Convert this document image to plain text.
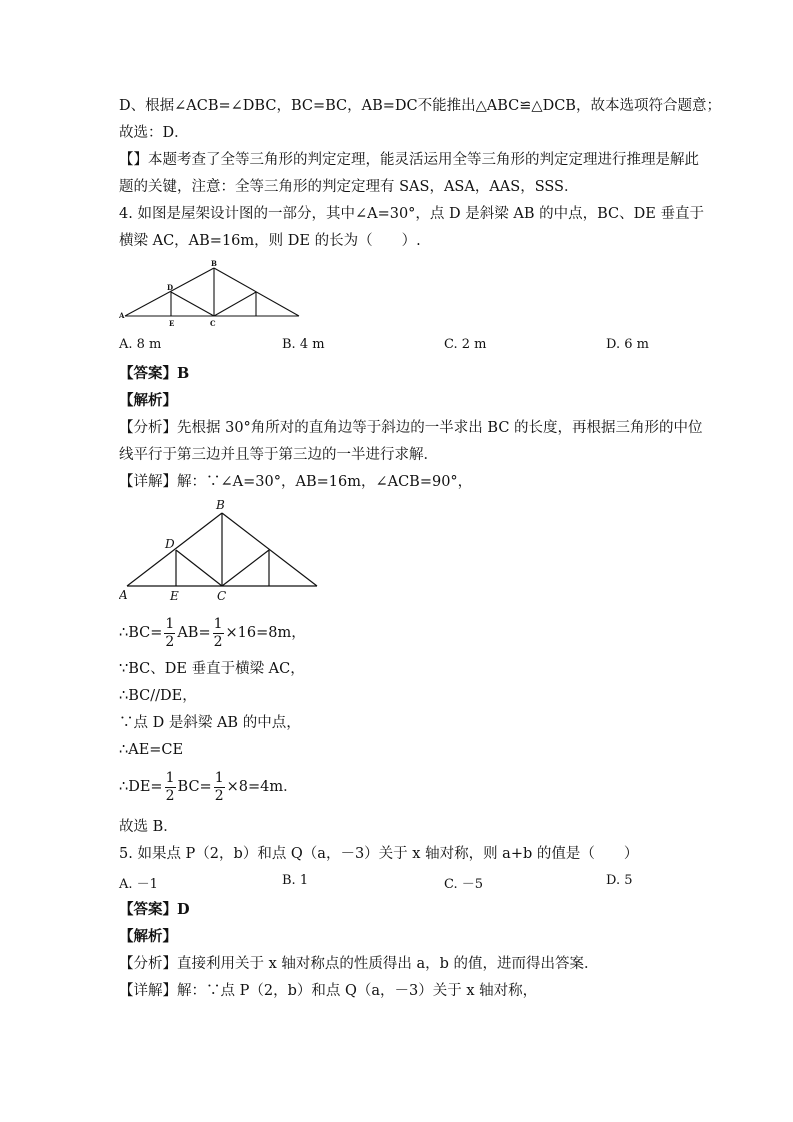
D、根据∠ACB=∠DBC，BC=BC，AB=DC不能推出△ABC≌△DCB，故本选项符合题意；
故选：D．
【】本题考查了全等三角形的判定定理，能灵活运用全等三角形的判定定理进行推理是解此
题的关键，注意：全等三角形的判定定理有 SAS，ASA，AAS，SSS．
4. 如图是屋架设计图的一部分，其中∠A=30°，点 D 是斜梁 AB 的中点，BC、DE 垂直于
横梁 AC，AB=16m，则 DE 的长为（　　）.
A
B
C
D
E
A. 8 m	B. 4 m	C. 2 m	D. 6 m
【答案】B
【解析】
【分析】先根据 30°角所对的直角边等于斜边的一半求出 BC 的长度，再根据三角形的中位
线平行于第三边并且等于第三边的一半进行求解．
【详解】解：∵∠A=30°，AB=16m，∠ACB=90°，
A
B
C
D
E
∴BC= $\frac{1}{2} AB= \frac{1}{2} \times 16=8m$，
∵BC、DE 垂直于横梁 AC，
∴BC//DE，
∵点 D 是斜梁 AB 的中点，
∴AE=CE
∴DE= $\frac{1}{2} BC= \frac{1}{2} \times 8=4m$．
故选 B．
5. 如果点 P（2，b）和点 Q（a，－3）关于 x 轴对称，则 a+b 的值是（　　）
A. －1	B. 1	C. －5	D. 5
【答案】D
【解析】
【分析】直接利用关于 x 轴对称点的性质得出 a，b 的值，进而得出答案．
【详解】解：∵点 P（2，b）和点 Q（a，－3）关于 x 轴对称，
